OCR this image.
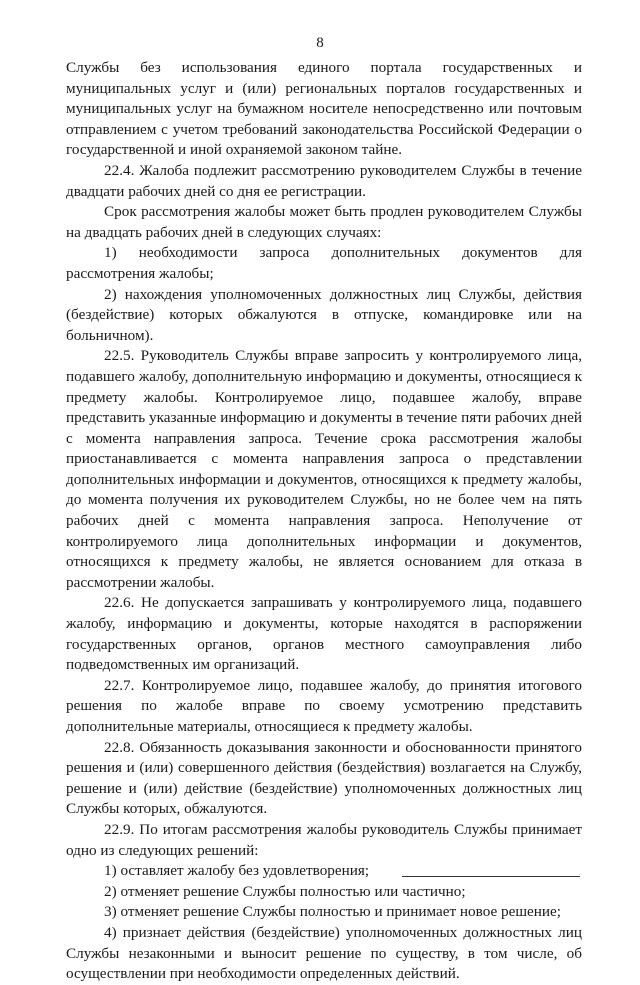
8

Службы без использования единого портала государственных и муниципальных услуг и (или) региональных порталов государственных и муниципальных услуг на бумажном носителе непосредственно или почтовым отправлением с учетом требований законодательства Российской Федерации о государственной и иной охраняемой законом тайне.

22.4. Жалоба подлежит рассмотрению руководителем Службы в течение двадцати рабочих дней со дня ее регистрации.

Срок рассмотрения жалобы может быть продлен руководителем Службы на двадцать рабочих дней в следующих случаях:

1) необходимости запроса дополнительных документов для рассмотрения жалобы;

2) нахождения уполномоченных должностных лиц Службы, действия (бездействие) которых обжалуются в отпуске, командировке или на больничном).

22.5. Руководитель Службы вправе запросить у контролируемого лица, подавшего жалобу, дополнительную информацию и документы, относящиеся к предмету жалобы. Контролируемое лицо, подавшее жалобу, вправе представить указанные информацию и документы в течение пяти рабочих дней с момента направления запроса. Течение срока рассмотрения жалобы приостанавливается с момента направления запроса о представлении дополнительных информации и документов, относящихся к предмету жалобы, до момента получения их руководителем Службы, но не более чем на пять рабочих дней с момента направления запроса. Неполучение от контролируемого лица дополнительных информации и документов, относящихся к предмету жалобы, не является основанием для отказа в рассмотрении жалобы.

22.6. Не допускается запрашивать у контролируемого лица, подавшего жалобу, информацию и документы, которые находятся в распоряжении государственных органов, органов местного самоуправления либо подведомственных им организаций.

22.7. Контролируемое лицо, подавшее жалобу, до принятия итогового решения по жалобе вправе по своему усмотрению представить дополнительные материалы, относящиеся к предмету жалобы.

22.8. Обязанность доказывания законности и обоснованности принятого решения и (или) совершенного действия (бездействия) возлагается на Службу, решение и (или) действие (бездействие) уполномоченных должностных лиц Службы которых, обжалуются.

22.9. По итогам рассмотрения жалобы руководитель Службы принимает одно из следующих решений:

1) оставляет жалобу без удовлетворения;

2) отменяет решение Службы полностью или частично;

3) отменяет решение Службы полностью и принимает новое решение;

4) признает действия (бездействие) уполномоченных должностных лиц Службы незаконными и выносит решение по существу, в том числе, об осуществлении при необходимости определенных действий.
